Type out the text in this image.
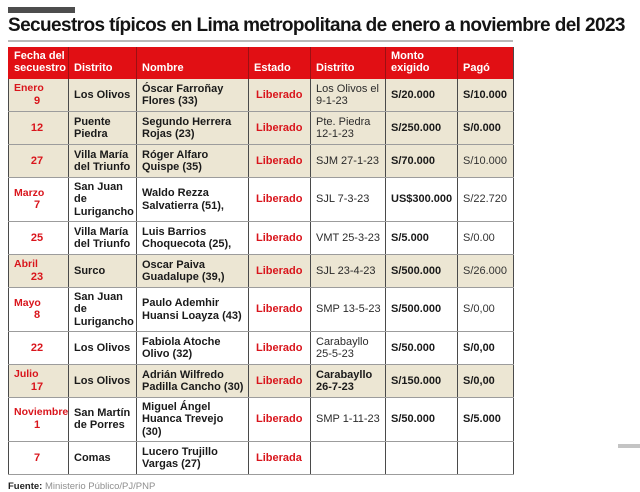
Secuestros típicos en Lima metropolitana de enero a noviembre del 2023
Fecha del secuestro	Distrito	Nombre	Estado	Distrito	Monto exigido	Pagó

Enero
9	Los Olivos	Óscar Farroñay Flores (33)	Liberado	Los Olivos el 9-1-23	S/20.000	S/10.000

12	Puente Piedra	Segundo Herrera Rojas (23)	Liberado	Pte. Piedra 12-1-23	S/250.000	S/0.000

27	Villa María del Triunfo	Róger Alfaro Quispe (35)	Liberado	SJM 27-1-23	S/70.000	S/10.000

Marzo
7	San Juan de Lurigancho	Waldo Rezza Salvatierra (51),	Liberado	SJL 7-3-23	US$300.000	S/22.720

25	Villa María del Triunfo	Luis Barrios Choquecota (25),	Liberado	VMT 25-3-23	S/5.000	S/0.00

Abril
23	Surco	Oscar Paiva Guadalupe (39,)	Liberado	SJL 23-4-23	S/500.000	S/26.000

Mayo
8	San Juan de Lurigancho	Paulo Ademhir Huansi Loayza (43)	Liberado	SMP 13-5-23	S/500.000	S/0,00

22	Los Olivos	Fabiola Atoche Olivo (32)	Liberado	Carabayllo 25-5-23	S/50.000	S/0,00

Julio
17	Los Olivos	Adrián Wilfredo Padilla Cancho (30)	Liberado	Carabayllo 26-7-23	S/150.000	S/0,00

Noviembre
1	San Martín de Porres	Miguel Ángel Huanca Trevejo (30)	Liberado	SMP 1-11-23	S/50.000	S/5.000

7	Comas	Lucero Trujillo Vargas (27)	Liberada			
Fuente: Ministerio Público/PJ/PNP
